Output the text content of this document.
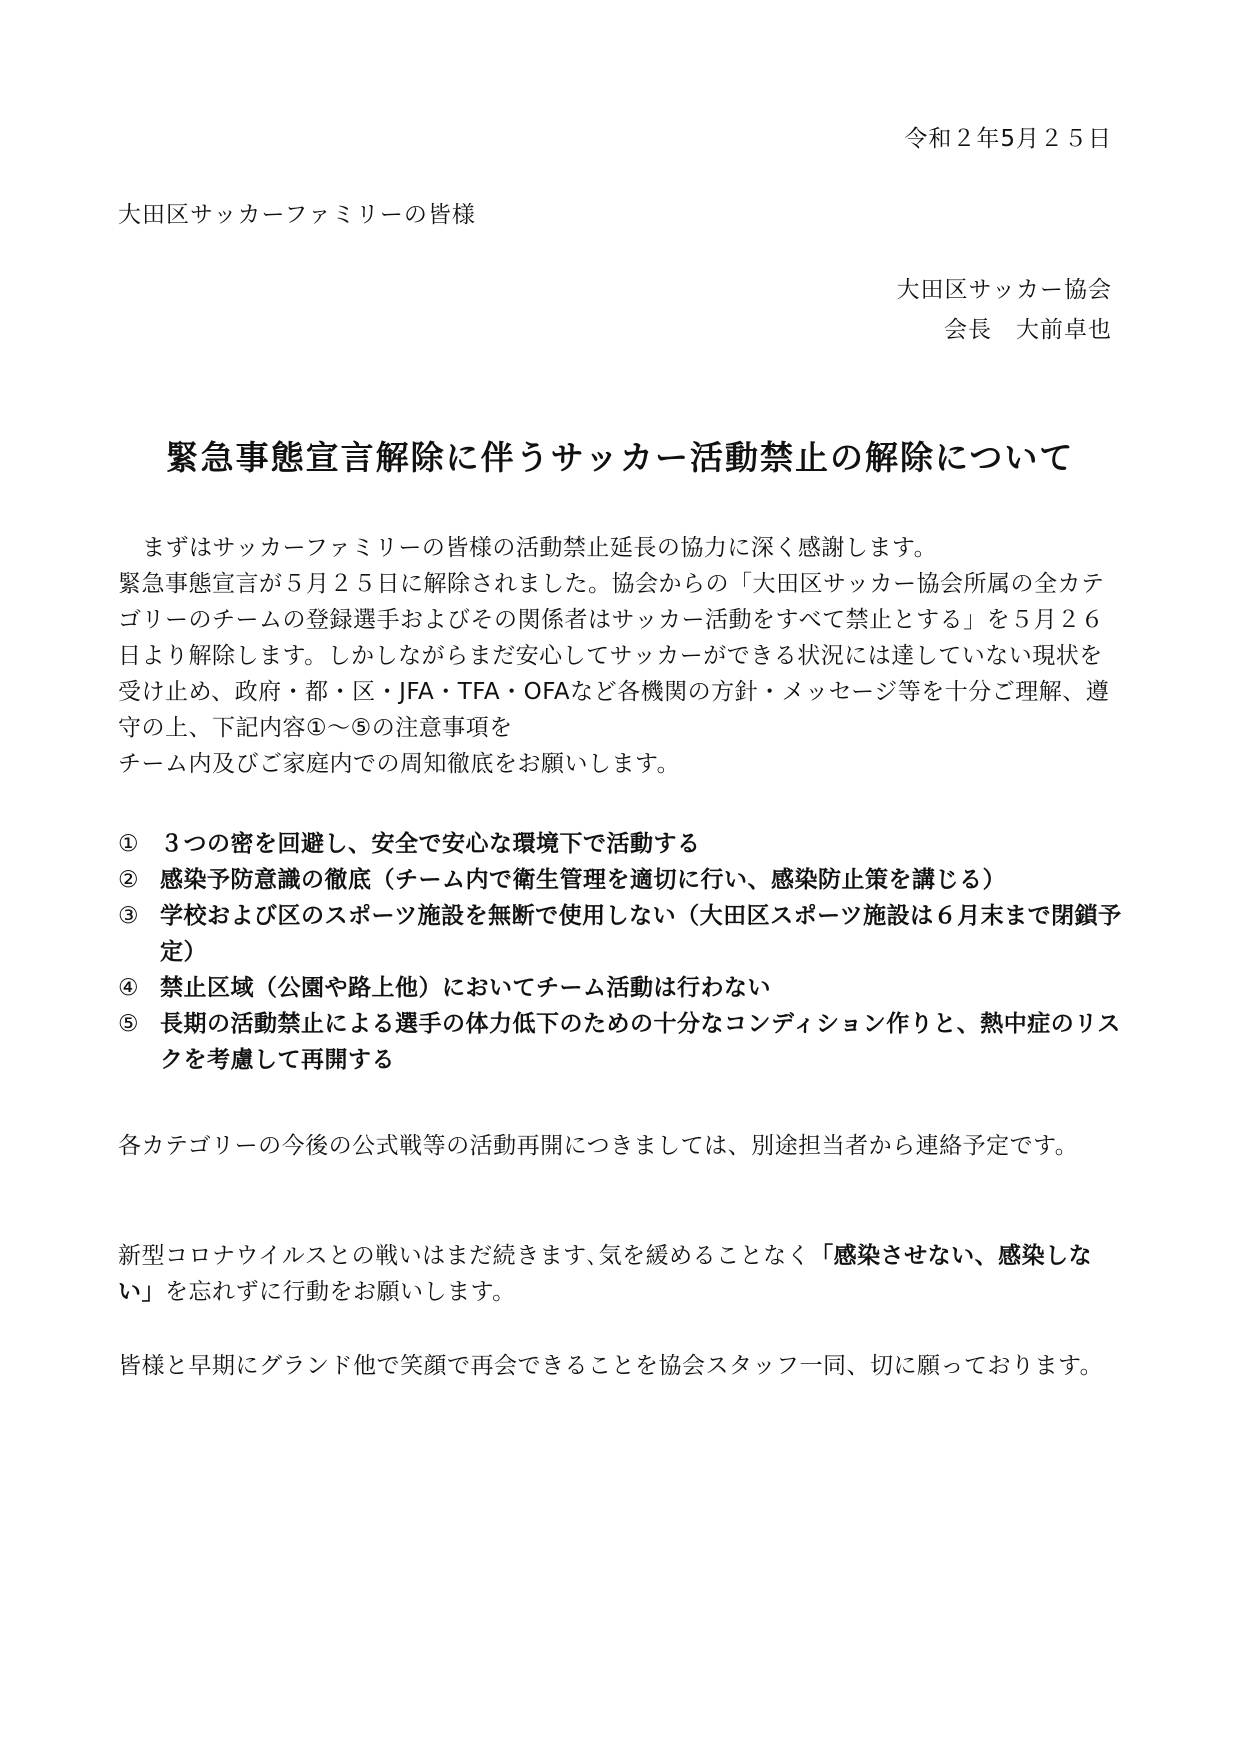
令和２年5月２５日
大田区サッカーファミリーの皆様
大田区サッカー協会
会長　大前卓也
緊急事態宣言解除に伴うサッカー活動禁止の解除について

まずはサッカーファミリーの皆様の活動禁止延長の協力に深く感謝します。

緊急事態宣言が５月２５日に解除されました。協会からの「大田区サッカー協会所属の全カテゴリーのチームの登録選手およびその関係者はサッカー活動をすべて禁止とする」を５月２６日より解除します。しかしながらまだ安心してサッカーができる状況には達していない現状を受け止め、政府・都・区・JFA・TFA・OFAなど各機関の方針・メッセージ等を十分ご理解、遵守の上、下記内容①～⑤の注意事項を

チーム内及びご家庭内での周知徹底をお願いします。

① ３つの密を回避し、安全で安心な環境下で活動する
② 感染予防意識の徹底（チーム内で衛生管理を適切に行い、感染防止策を講じる）
③ 学校および区のスポーツ施設を無断で使用しない（大田区スポーツ施設は６月末まで閉鎖予定）
④ 禁止区域（公園や路上他）においてチーム活動は行わない
⑤ 長期の活動禁止による選手の体力低下のための十分なコンディション作りと、熱中症のリスクを考慮して再開する

各カテゴリーの今後の公式戦等の活動再開につきましては、別途担当者から連絡予定です。

新型コロナウイルスとの戦いはまだ続きます､気を緩めることなく「感染させない、感染しない」を忘れずに行動をお願いします。

皆様と早期にグランド他で笑顔で再会できることを協会スタッフ一同、切に願っております。
